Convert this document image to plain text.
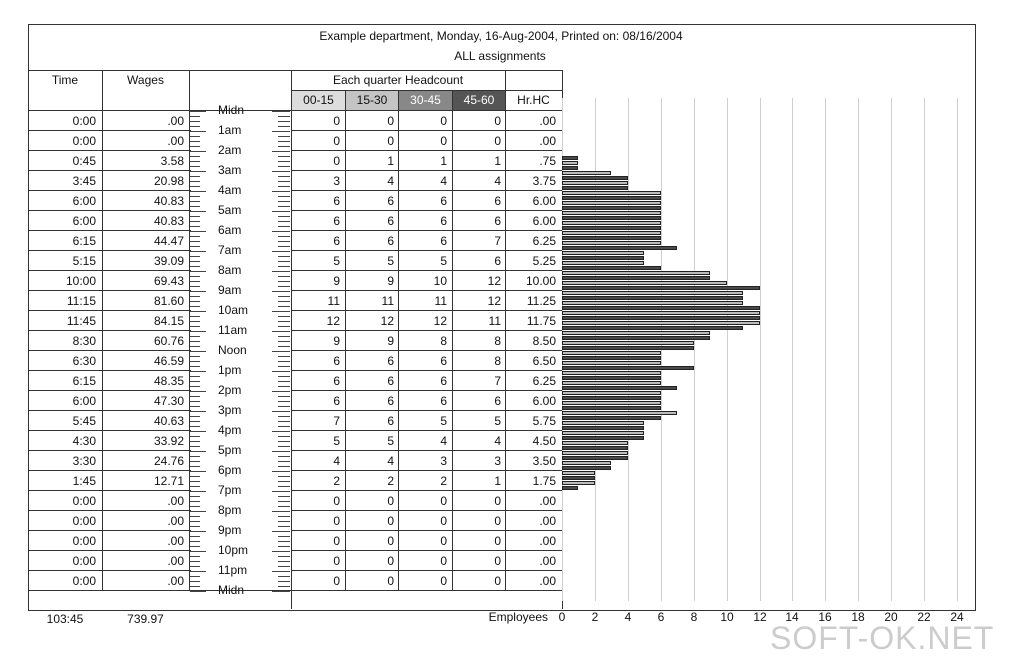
Example department, Monday, 16-Aug-2004, Printed on: 08/16/2004
ALL assignments
Time	Wages	Each quarter Headcount
00-15	15-30	30-45	45-60	Hr.HC
0:00	.00	0	0	0	0	.00
0:00	.00	0	0	0	0	.00
0:45	3.58	0	1	1	1	.75
3:45	20.98	3	4	4	4	3.75
6:00	40.83	6	6	6	6	6.00
6:00	40.83	6	6	6	6	6.00
6:15	44.47	6	6	6	7	6.25
5:15	39.09	5	5	5	6	5.25
10:00	69.43	9	9	10	12	10.00
11:15	81.60	11	11	11	12	11.25
11:45	84.15	12	12	12	11	11.75
8:30	60.76	9	9	8	8	8.50
6:30	46.59	6	6	6	8	6.50
6:15	48.35	6	6	6	7	6.25
6:00	47.30	6	6	6	6	6.00
5:45	40.63	7	6	5	5	5.75
4:30	33.92	5	5	4	4	4.50
3:30	24.76	4	4	3	3	3.50
1:45	12.71	2	2	2	1	1.75
0:00	.00	0	0	0	0	.00
0:00	.00	0	0	0	0	.00
0:00	.00	0	0	0	0	.00
0:00	.00	0	0	0	0	.00
0:00	.00	0	0	0	0	.00
Midn
1am
2am
3am
4am
5am
6am
7am
8am
9am
10am
11am
Noon
1pm
2pm
3pm
4pm
5pm
6pm
7pm
8pm
9pm
10pm
11pm
Midn
0	2	4	6	8	10	12	14	16	18	20	22	24
103:45	739.97	Employees
SOFT-OK.NET
